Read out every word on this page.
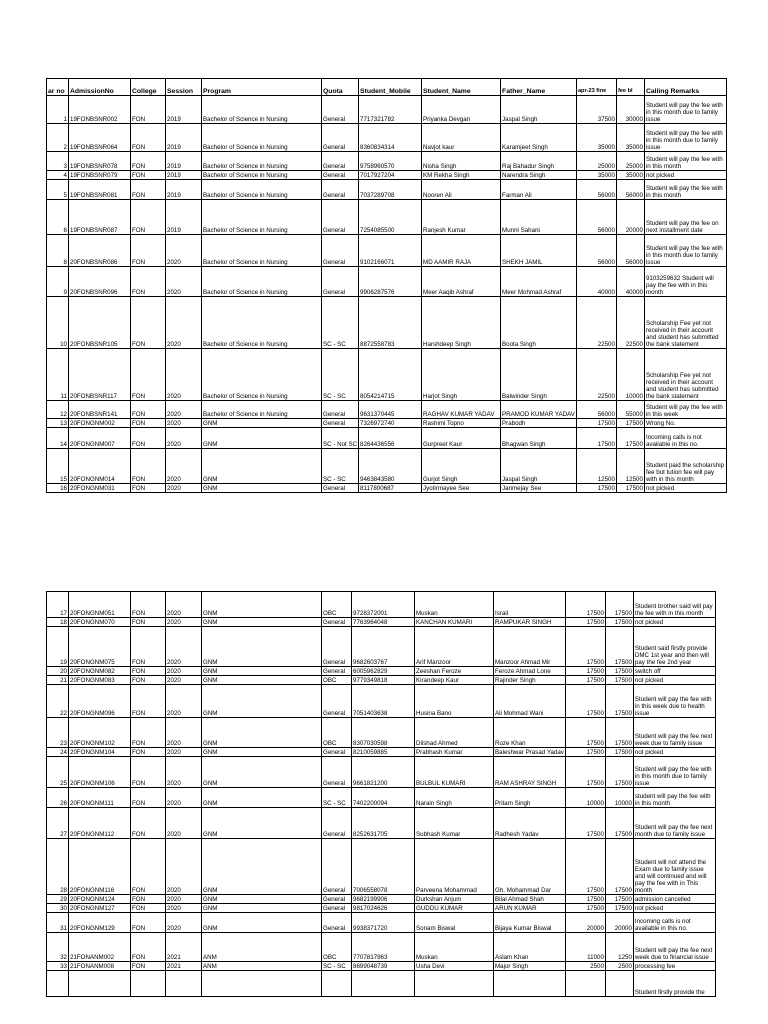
ar no	AdmissionNo	College	Session	Program	Quota	Student_Mobile	Student_Name	Father_Name	apr-23 fine	fee bl	Calling Remarks
1	19FONBSNR002	FON	2019	Bachelor of Science in Nursing	General	7717321782	Priyanka Devgan	Jaspal Singh	37500	30000	Student will pay the fee with in this month due to family issue
2	19FONBSNR064	FON	2019	Bachelor of Science in Nursing	General	8360834314	Navjot kaur	Karamjeet Singh	35000	35000	Student will pay the fee with in this month due to family issue
3	19FONBSNR078	FON	2019	Bachelor of Science in Nursing	General	9758960570	Nisha Singh	Raj Bahadur Singh	25000	25000	Student will pay the fee with in this month
4	19FONBSNR079	FON	2019	Bachelor of Science in Nursing	General	7017927204	KM Rekha Singh	Narendra Singh	35000	35000	not picked
5	19FONBSNR081	FON	2019	Bachelor of Science in Nursing	General	7037289708	Nooren Ali	Farman Ali	56000	56000	Student will pay the fee with in this month
6	19FONBSNR087	FON	2019	Bachelor of Science in Nursing	General	7254085500	Ranjesh Kumar	Munni Sahani	56000	20000	Student will pay the fee on next installment date
8	20FONBSNR086	FON	2020	Bachelor of Science in Nursing	General	9102166071	MD AAMIR RAJA	SHEKH JAMIL	56000	56000	Student will pay the fee with in this month due to family issue
9	20FONBSNR096	FON	2020	Bachelor of Science in Nursing	General	9906287576	Meer Aaqib Ashraf	Meer Mohmad Ashraf	40000	40000	9103259632 Student will pay the fee with in this month
10	20FONBSNR105	FON	2020	Bachelor of Science in Nursing	SC - SC	8872558783	Harshdeep Singh	Boota Singh	22500	22500	Scholarship Fee yet not received in their account and student has submitted the bank statement
11	20FONBSNR117	FON	2020	Bachelor of Science in Nursing	SC - SC	8054214715	Harjot Singh	Balwinder Singh	22500	10000	Scholarship Fee yet not received in their account and student has submitted the bank statement
12	20FONBSNR141	FON	2020	Bachelor of Science in Nursing	General	9631370445	RAGHAV KUMAR YADAV	PRAMOD KUMAR YADAV	56000	55000	Student will pay the fee with in this week
13	20FONGNM002	FON	2020	GNM	General	7326972740	Rashimi Topno	Prabodh	17500	17500	Wrong No.
14	20FONGNM007	FON	2020	GNM	SC - Not SC	8264436556	Gurpreet Kaur	Bhagwan Singh	17500	17500	Incoming calls is not available in this no.
15	20FONGNM014	FON	2020	GNM	SC - SC	9463843580	Gurjot Singh	Jaspal Singh	12500	12500	Student paid the scholarship fee but tution fee will pay with in this month
16	20FONGNM031	FON	2020	GNM	General	8117800687	Jyotirmayee See	Janmejay See	17500	17500	not picked
17	20FONGNM051	FON	2020	GNM	OBC	9728372001	Muskan	Israil	17500	17500	Student brother said will pay the fee with in this month
18	20FONGNM070	FON	2020	GNM	General	7763964048	KANCHAN KUMARI	RAMPUKAR SINGH	17500	17500	not picked
19	20FONGNM075	FON	2020	GNM	General	9682603767	Arif Manzoor	Manzoor Ahmad Mir	17500	17500	Student said firstly provide DMC 1st year and then will pay the fee 2nd year
20	20FONGNM082	FON	2020	GNM	General	6005962829	Zeeshan Feroze	Feroze Ahmad Lone	17500	17500	switch off
21	20FONGNM083	FON	2020	GNM	OBC	9779349818	Kirandeep Kaur	Rajinder Singh	17500	17500	not picked
22	20FONGNM096	FON	2020	GNM	General	7051403638	Husina Bano	Ali Mohmad Wani	17500	17500	Student will pay the fee with in this week due to health issue
23	20FONGNM102	FON	2020	GNM	OBC	8307030598	Dilshad Ahmed	Roze Khan	17500	17500	Student will pay the fee next week due to family issue
24	20FONGNM104	FON	2020	GNM	General	8210059885	Prabhash Kumar	Baleshwar Prasad Yadav	17500	17500	not picked
25	20FONGNM106	FON	2020	GNM	General	9661821200	BULBUL KUMARI	RAM ASHRAY SINGH	17500	17500	Student will pay the fee with in this month due to family issue
26	20FONGNM111	FON	2020	GNM	SC - SC	7402200094	Narain Singh	Pritam Singh	10000	10000	student will pay the fee with in this month
27	20FONGNM112	FON	2020	GNM	General	8252631705	Subhash Kumar	Radhesh Yadav	17500	17500	Student will pay the fee next month due to family issue
28	20FONGNM116	FON	2020	GNM	General	7006558078	Parveena Mohammad	Gh. Mohammad Dar	17500	17500	Student will not attend the Exam due to family issue and will continued and will pay the fee with in This month
29	20FONGNM124	FON	2020	GNM	General	9682199906	Durkshan Anjum	Bilal Ahmad Shah	17500	17500	admission cancelled
30	20FONGNM127	FON	2020	GNM	General	9817024626	GUDDU KUMAR	ARUN KUMAR	17500	17500	not picked
31	20FONGNM129	FON	2020	GNM	General	9938371720	Sonam Biswal	Bijaya Kumar Biswal	20000	20000	Incoming calls is not available in this no.
32	21FONANM002	FON	2021	ANM	OBC	7707817963	Muskan	Aslam Khan	11000	1250	Student will pay the fee next week due to financial issue
33	21FONANM008	FON	2021	ANM	SC - SC	8699048739	Usha Devi	Major Singh	2500	2500	processing fee
											Student firstly provide the
